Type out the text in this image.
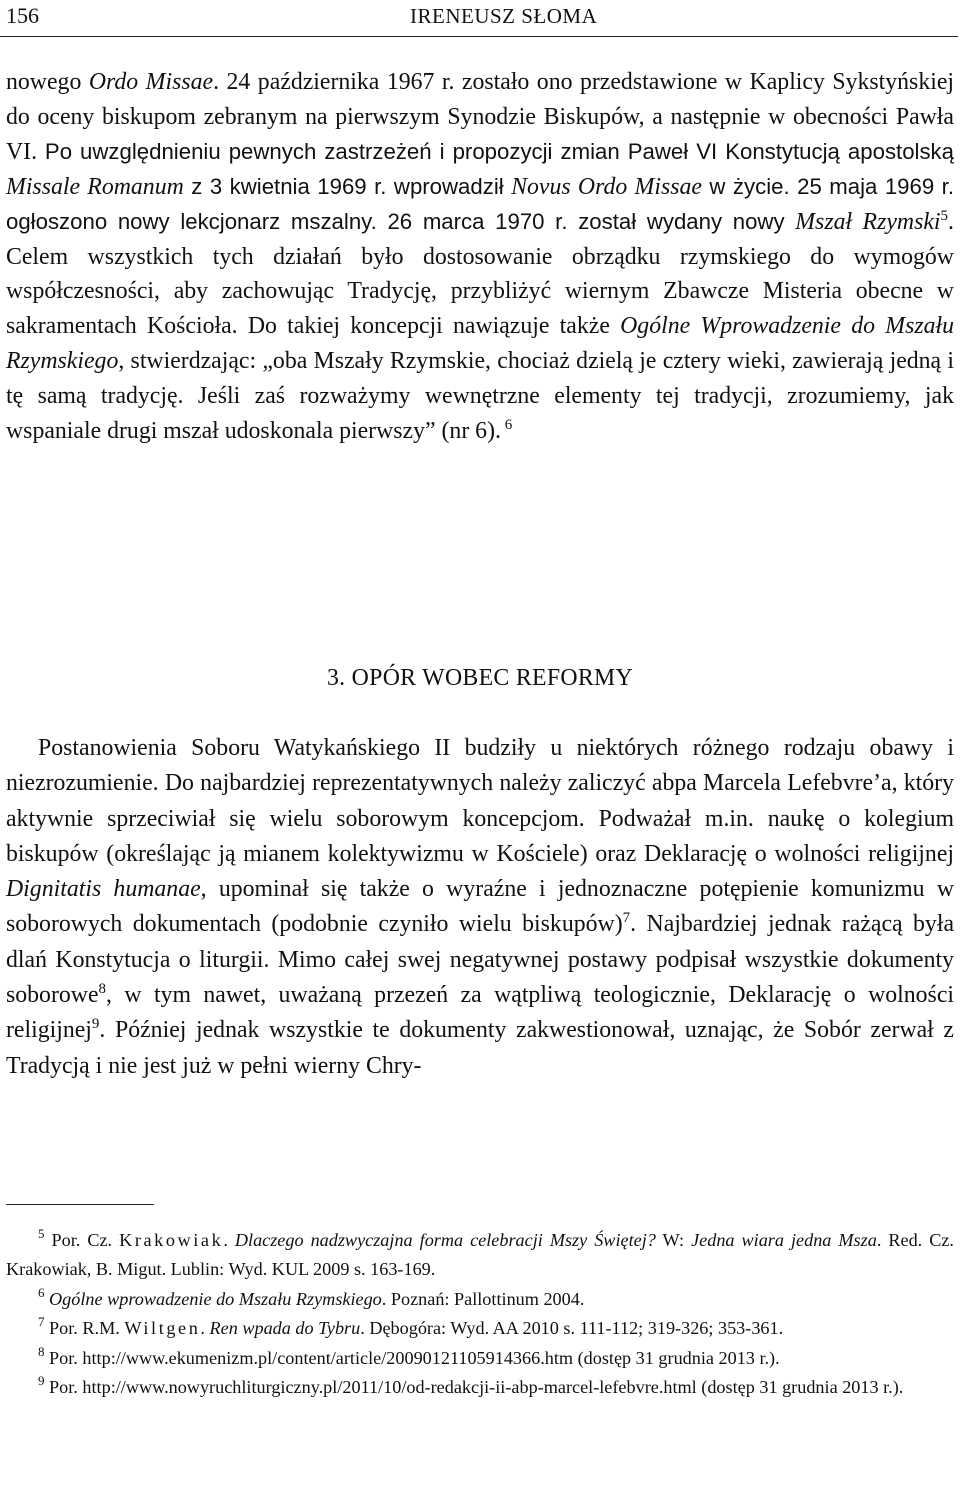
156	IRENEUSZ SŁOMA

nowego Ordo Missae. 24 października 1967 r. zostało ono przedstawione w Kaplicy Sykstyńskiej do oceny biskupom zebranym na pierwszym Synodzie Biskupów, a następnie w obecności Pawła VI. Po uwzględnieniu pewnych zastrzeżeń i propozycji zmian Paweł VI Konstytucją apostolską Missale Romanum z 3 kwietnia 1969 r. wprowadził Novus Ordo Missae w życie. 25 maja 1969 r. ogłoszono nowy lekcjonarz mszalny. 26 marca 1970 r. został wydany nowy Mszał Rzymski$^5$. Celem wszystkich tych działań było dostosowanie obrządku rzymskiego do wymogów współczesności, aby zachowując Tradycję, przybliżyć wiernym Zbawcze Misteria obecne w sakramentach Kościoła. Do takiej koncepcji nawiązuje także Ogólne Wprowadzenie do Mszału Rzymskiego, stwierdzając: „oba Mszały Rzymskie, chociaż dzielą je cztery wieki, zawierają jedną i tę samą tradycję. Jeśli zaś rozważymy wewnętrzne elementy tej tradycji, zrozumiemy, jak wspaniale drugi mszał udoskonala pierwszy” (nr 6). $^6$

3. OPÓR WOBEC REFORMY

Postanowienia Soboru Watykańskiego II budziły u niektórych różnego rodzaju obawy i niezrozumienie. Do najbardziej reprezentatywnych należy zaliczyć abpa Marcela Lefebvre’a, który aktywnie sprzeciwiał się wielu soborowym koncepcjom. Podważał m.in. naukę o kolegium biskupów (określając ją mianem kolektywizmu w Kościele) oraz Deklarację o wolności religijnej Dignitatis humanae, upominał się także o wyraźne i jednoznaczne potępienie komunizmu w soborowych dokumentach (podobnie czyniło wielu biskupów)$^7$. Najbardziej jednak rażącą była dlań Konstytucja o liturgii. Mimo całej swej negatywnej postawy podpisał wszystkie dokumenty soborowe$^8$, w tym nawet, uważaną przezeń za wątpliwą teologicznie, Deklarację o wolności religijnej$^9$. Później jednak wszystkie te dokumenty zakwestionował, uznając, że Sobór zerwał z Tradycją i nie jest już w pełni wierny Chry-

$^5$ Por. Cz. Krakowiak. Dlaczego nadzwyczajna forma celebracji Mszy Świętej? W: Jedna wiara jedna Msza. Red. Cz. Krakowiak, B. Migut. Lublin: Wyd. KUL 2009 s. 163-169.

$^6$ Ogólne wprowadzenie do Mszału Rzymskiego. Poznań: Pallottinum 2004.

$^7$ Por. R.M. Wiltgen. Ren wpada do Tybru. Dębogóra: Wyd. AA 2010 s. 111-112; 319-326; 353-361.

$^8$ Por. http://www.ekumenizm.pl/content/article/20090121105914366.htm (dostęp 31 grudnia 2013 r.).

$^9$ Por. http://www.nowyruchliturgiczny.pl/2011/10/od-redakcji-ii-abp-marcel-lefebvre.html (dostęp 31 grudnia 2013 r.).
